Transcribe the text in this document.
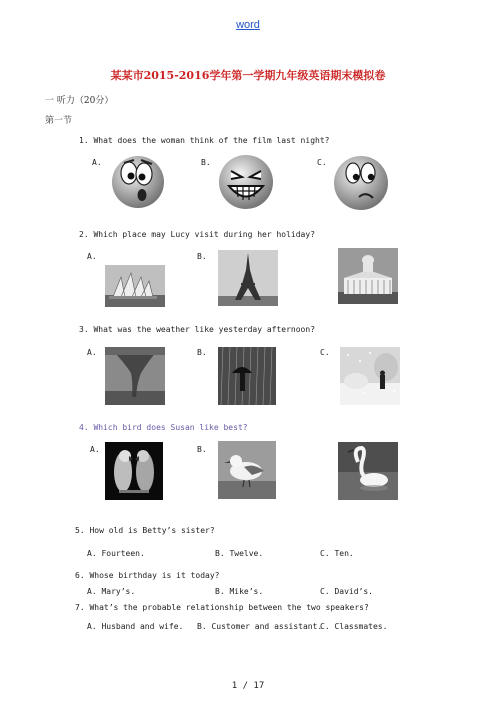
word
某某市2015-2016学年第一学期九年级英语期末模拟卷
一 听力（20分）
第一节
1. What does the woman think of the film last night?
A.	B.	C.
2. Which place may Lucy visit during her holiday?
A.	B.
3. What was the weather like yesterday afternoon?
A.	B.	C.
4. Which bird does Susan like best?
A.	B.
5. How old is Betty’s sister?
A. Fourteen.	B. Twelve.	C. Ten.
6. Whose birthday is it today?
A. Mary’s.	B. Mike’s.	C. David’s.
7. What’s the probable relationship between the two speakers?
A. Husband and wife. B. Customer and assistant.
C. Classmates.
1 / 17
